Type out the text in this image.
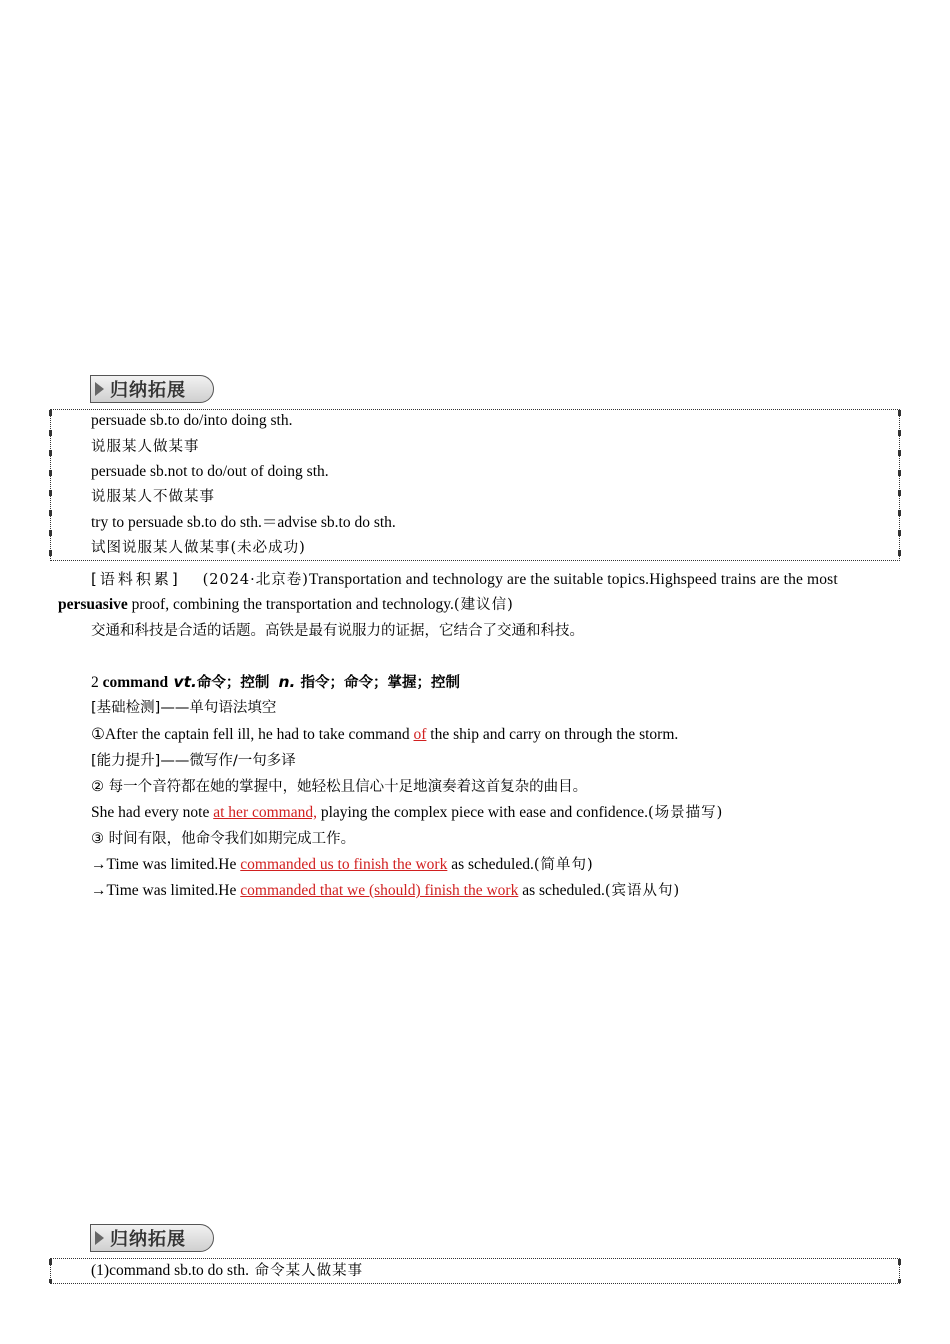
归纳拓展
persuade sb.to do/into doing sth.
说服某人做某事
persuade sb.not to do/out of doing sth.
说服某人不做某事
try to persuade sb.to do sth.＝advise sb.to do sth.
试图说服某人做某事(未必成功)
[语料积累] (2024·北京卷)Transportation and technology are the suitable topics.Highspeed trains are the most
persuasive proof, combining the transportation and technology.(建议信)
交通和科技是合适的话题。高铁是最有说服力的证据，它结合了交通和科技。
2 command vt.命令；控制 n. 指令；命令；掌握；控制
[基础检测]——单句语法填空
①After the captain fell ill, he had to take command of the ship and carry on through the storm.
[能力提升]——微写作/一句多译
② 每一个音符都在她的掌握中，她轻松且信心十足地演奏着这首复杂的曲目。
She had every note at her command, playing the complex piece with ease and confidence.(场景描写)
③ 时间有限，他命令我们如期完成工作。
→Time was limited.He commanded us to finish the work as scheduled.(简单句)
→Time was limited.He commanded that we (should) finish the work as scheduled.(宾语从句)
归纳拓展
(1)command sb.to do sth. 命令某人做某事
